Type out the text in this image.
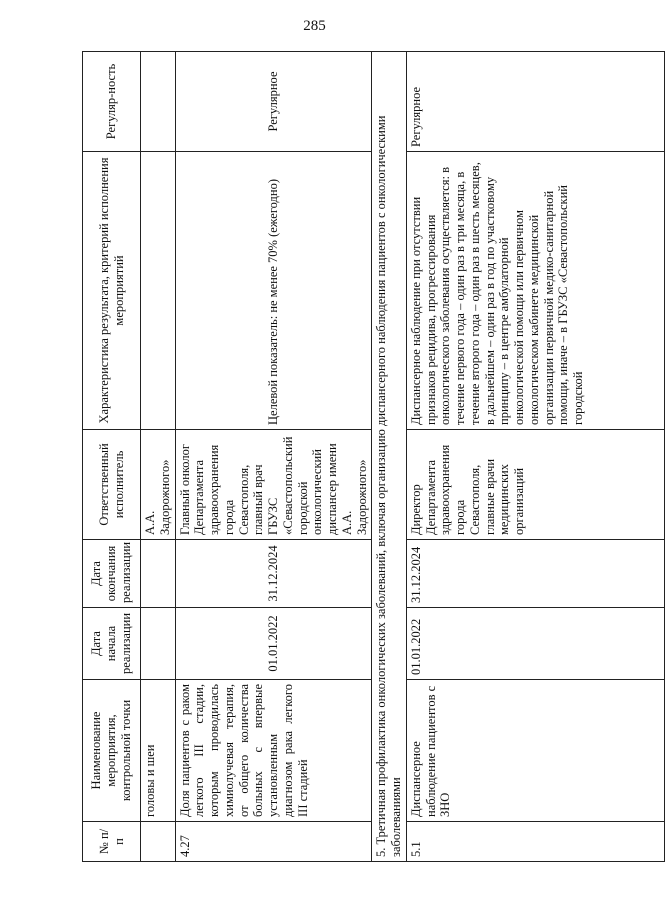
285
№ п/п	Наименование мероприятия, контрольной точки	Дата начала реализации	Дата окончания реализации	Ответственный исполнитель	Характеристика результата, критерий исполнения мероприятий	Регуляр-ность
	головы и шеи			А.А. Задорожного»		
4.27	Доля пациентов с раком легкого III стадии, которым проводилась химиолучевая терапия, от общего количества больных с впервые установленным диагнозом рака легкого III стадией	01.01.2022	31.12.2024	Главный онколог Департамента здравоохранения города Севастополя, главный врач ГБУЗС «Севастопольский городской онкологический диспансер имени А.А. Задорожного»	Целевой показатель: не менее 70% (ежегодно)	Регулярное
5. Третичная профилактика онкологических заболеваний, включая организацию диспансерного наблюдения пациентов с онкологическими заболеваниями						
5.1	Диспансерное наблюдение пациентов с ЗНО	01.01.2022	31.12.2024	Директор Департамента здравоохранения города Севастополя, главные врачи медицинских организаций	Диспансерное наблюдение при отсутствии признаков рецидива, прогрессирования онкологического заболевания осуществляется: в течение первого года – один раз в три месяца, в течение второго года – один раз в шесть месяцев, в дальнейшем – один раз в год по участковому принципу – в центре амбулаторной онкологической помощи или первичном онкологическом кабинете медицинской организации первичной медико-санитарной помощи, иначе – в ГБУЗС «Севастопольский городской	Регулярное
